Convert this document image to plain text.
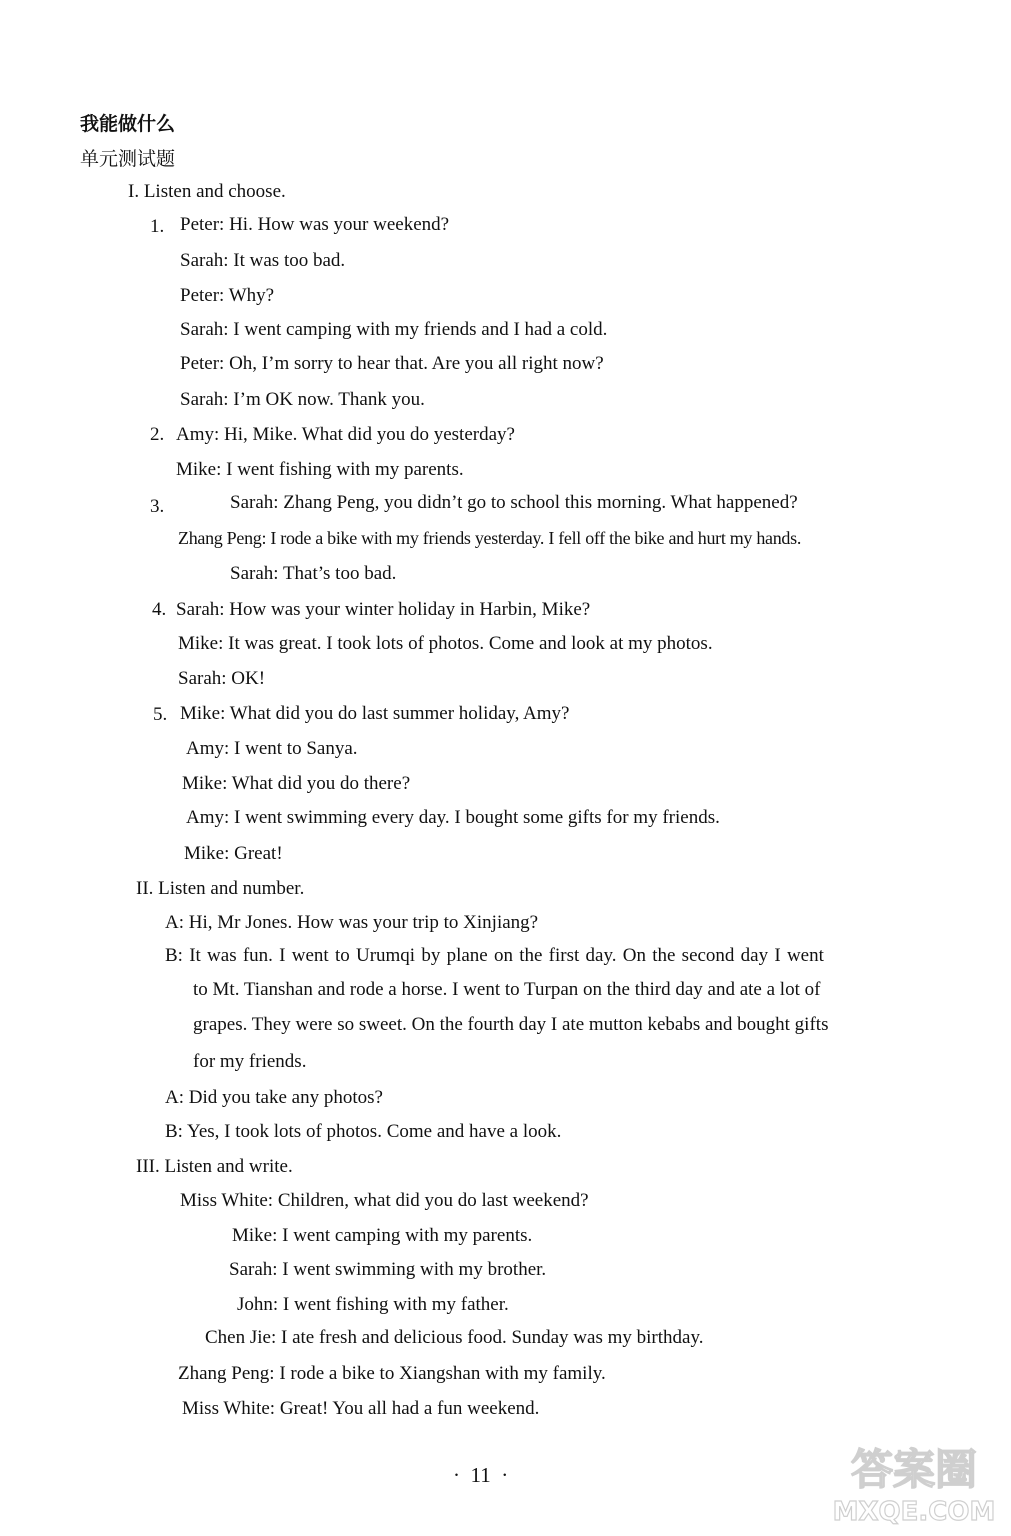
我能做什么
单元测试题
I. Listen and choose.
1. Peter: Hi. How was your weekend?
Sarah: It was too bad.
Peter: Why?
Sarah: I went camping with my friends and I had a cold.
Peter: Oh, I’m sorry to hear that. Are you all right now?
Sarah: I’m OK now. Thank you.
2. Amy: Hi, Mike. What did you do yesterday?
Mike: I went fishing with my parents.
3.	Sarah: Zhang Peng, you didn’t go to school this morning. What happened?
Zhang Peng: I rode a bike with my friends yesterday. I fell off the bike and hurt my hands.
Sarah: That’s too bad.
4. Sarah: How was your winter holiday in Harbin, Mike?
Mike: It was great. I took lots of photos. Come and look at my photos.
Sarah: OK!
5. Mike: What did you do last summer holiday, Amy?
Amy: I went to Sanya.
Mike: What did you do there?
Amy: I went swimming every day. I bought some gifts for my friends.
Mike: Great!
II. Listen and number.
A: Hi, Mr Jones. How was your trip to Xinjiang?
B: It was fun. I went to Urumqi by plane on the first day. On the second day I went
to Mt. Tianshan and rode a horse. I went to Turpan on the third day and ate a lot of
grapes. They were so sweet. On the fourth day I ate mutton kebabs and bought gifts
for my friends.
A: Did you take any photos?
B: Yes, I took lots of photos. Come and have a look.
III. Listen and write.
Miss White: Children, what did you do last weekend?
Mike: I went camping with my parents.
Sarah: I went swimming with my brother.
John: I went fishing with my father.
Chen Jie: I ate fresh and delicious food. Sunday was my birthday.
Zhang Peng: I rode a bike to Xiangshan with my family.
Miss White: Great! You all had a fun weekend.
·  11  ·	答案圈
MXQE.COM
